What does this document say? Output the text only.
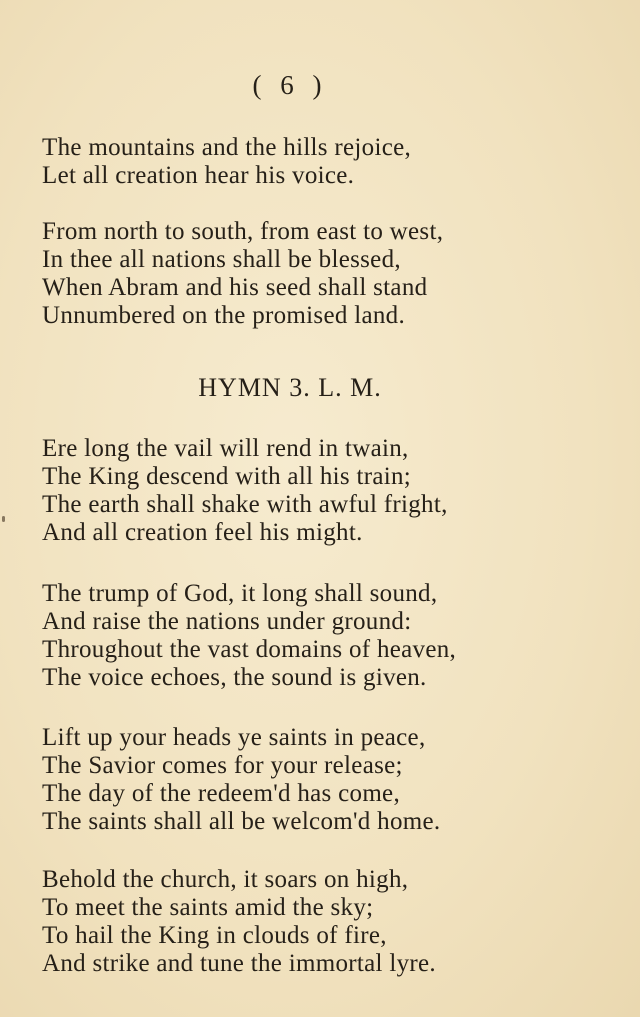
( 6 )
The mountains and the hills rejoice,
Let all creation hear his voice.
From north to south, from east to west,
In thee all nations shall be blessed,
When Abram and his seed shall stand
Unnumbered on the promised land.
HYMN 3. L. M.
Ere long the vail will rend in twain,
The King descend with all his train;
The earth shall shake with awful fright,
And all creation feel his might.
The trump of God, it long shall sound,
And raise the nations under ground:
Throughout the vast domains of heaven,
The voice echoes, the sound is given.
Lift up your heads ye saints in peace,
The Savior comes for your release;
The day of the redeem'd has come,
The saints shall all be welcom'd home.
Behold the church, it soars on high,
To meet the saints amid the sky;
To hail the King in clouds of fire,
And strike and tune the immortal lyre.
